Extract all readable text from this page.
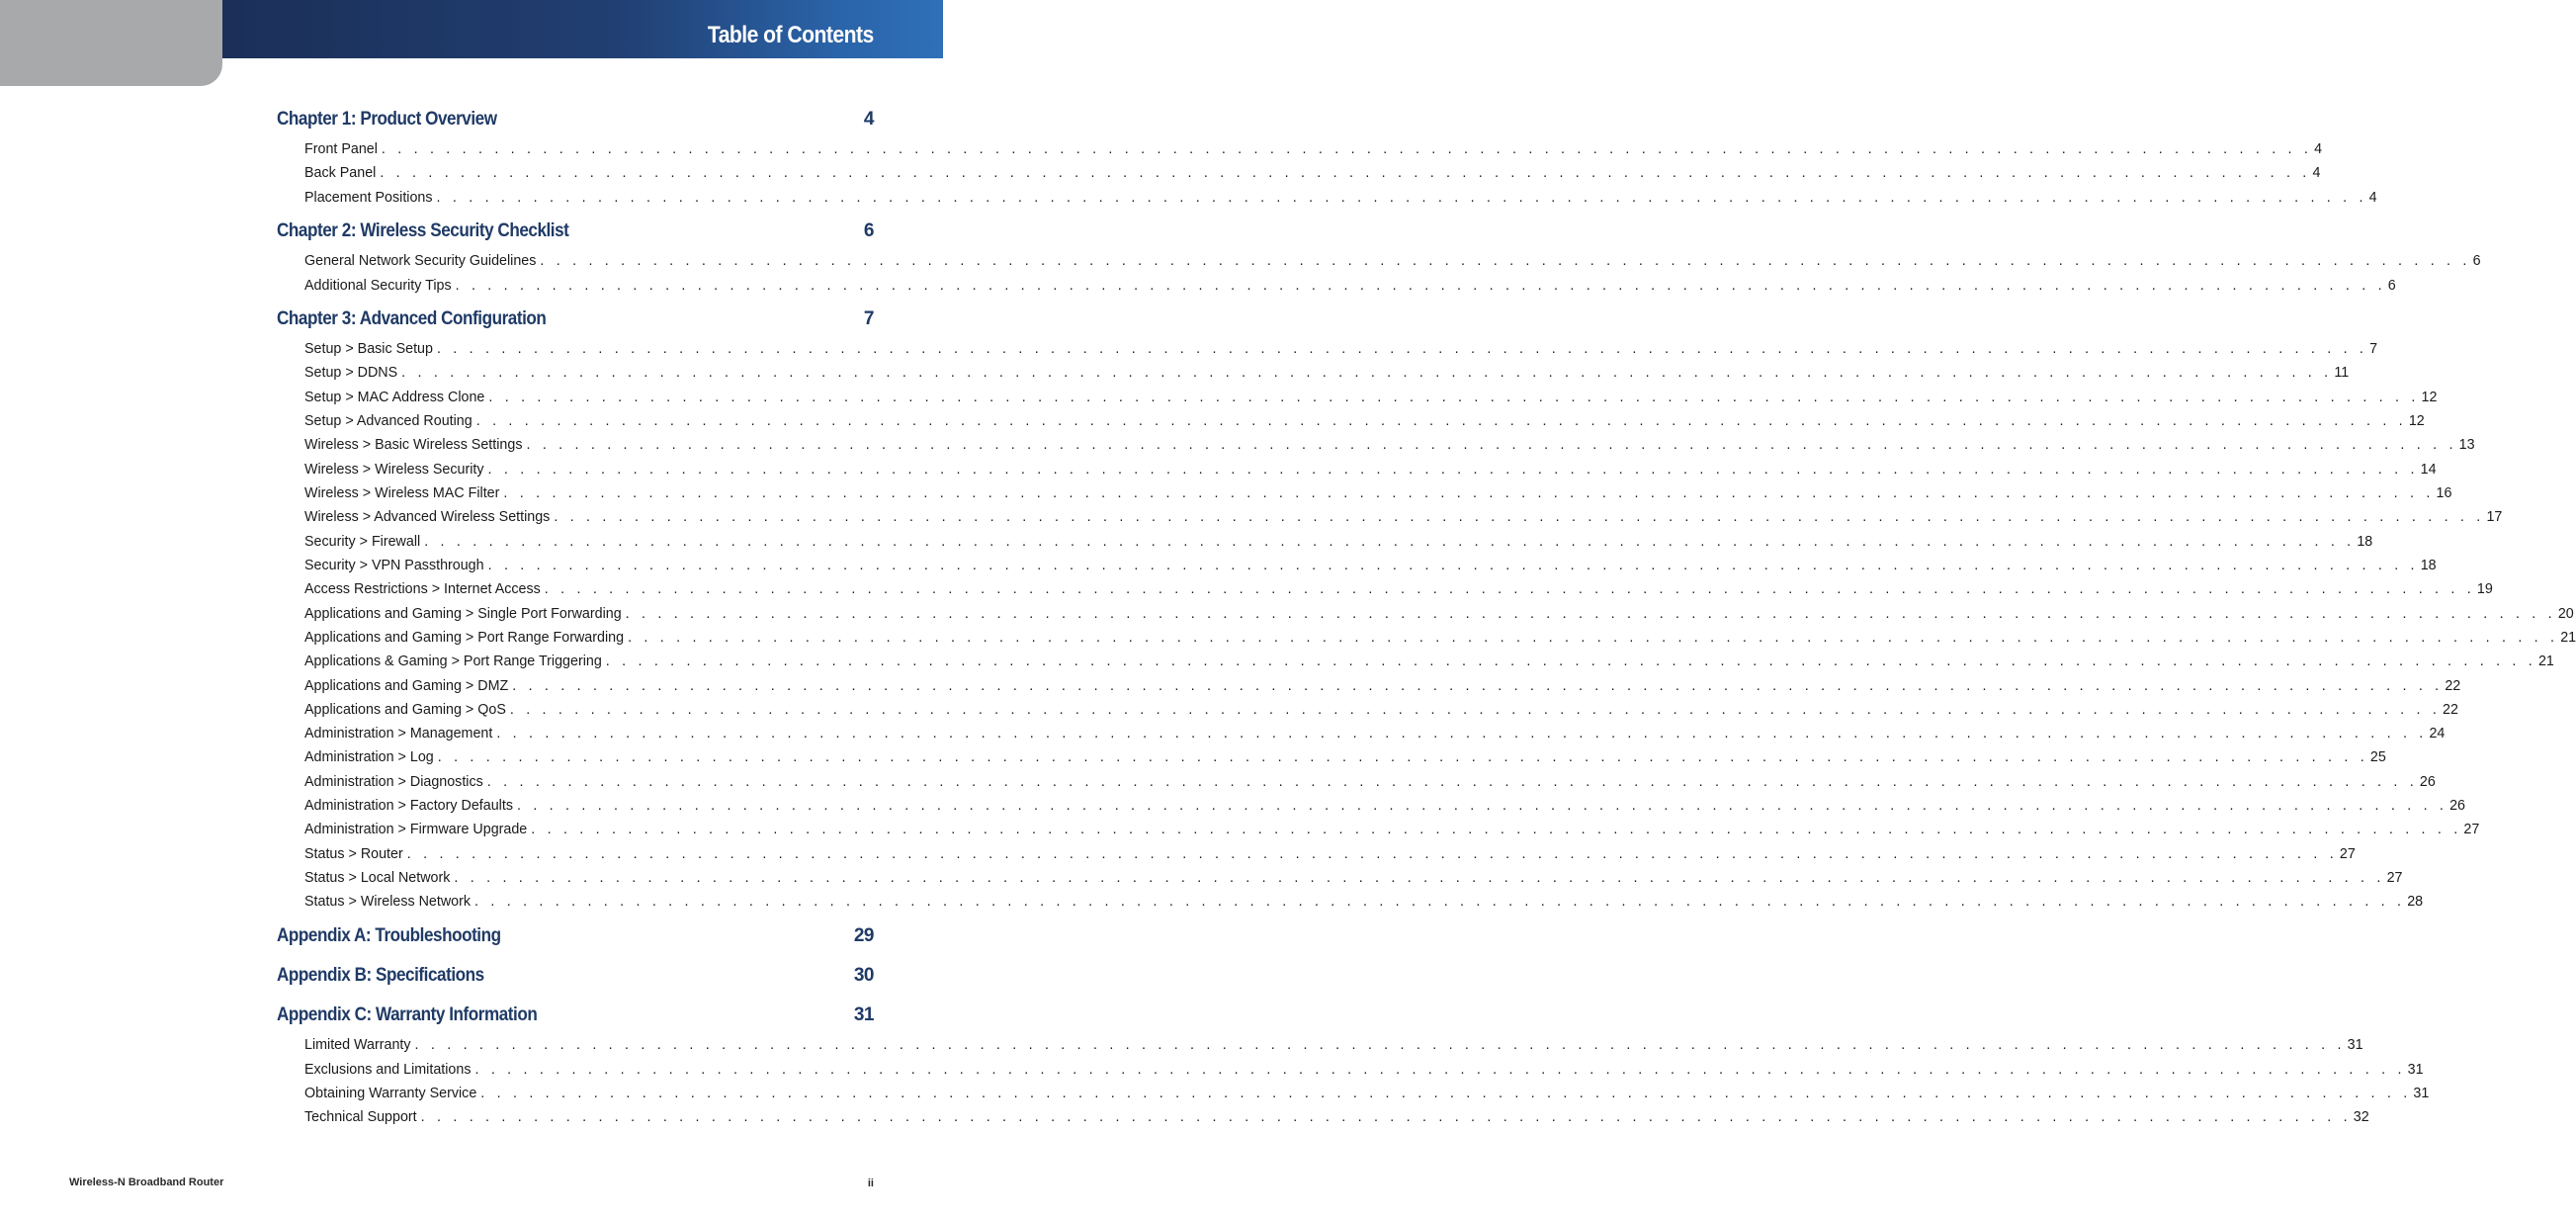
Table of Contents
Chapter 1: Product Overview	4
Front Panel . . . . . . . . . . . . . . . . . . . . . . . . . . . . . . . . . . . . . . . . . . . . . . . . . . . . . . . . . . . . . . . . . . . . . . . . . . . . . . . . . . . . . . . . . . . . . . . . . . . . . . . . . . . . . . . . . . . . . . . . 4
Back Panel . . . . . . . . . . . . . . . . . . . . . . . . . . . . . . . . . . . . . . . . . . . . . . . . . . . . . . . . . . . . . . . . . . . . . . . . . . . . . . . . . . . . . . . . . . . . . . . . . . . . . . . . . . . . . . . . . . . . . . . . 4
Placement Positions . . . . . . . . . . . . . . . . . . . . . . . . . . . . . . . . . . . . . . . . . . . . . . . . . . . . . . . . . . . . . . . . . . . . . . . . . . . . . . . . . . . . . . . . . . . . . . . . . . . . . . . . . . . . . . . . . . . . . . . . 4
Chapter 2: Wireless Security Checklist	6
General Network Security Guidelines . . . . . . . . . . . . . . . . . . . . . . . . . . . . . . . . . . . . . . . . . . . . . . . . . . . . . . . . . . . . . . . . . . . . . . . . . . . . . . . . . . . . . . . . . . . . . . . . . . . . . . . . . . . . . . . . . . . . . . . . 6
Additional Security Tips . . . . . . . . . . . . . . . . . . . . . . . . . . . . . . . . . . . . . . . . . . . . . . . . . . . . . . . . . . . . . . . . . . . . . . . . . . . . . . . . . . . . . . . . . . . . . . . . . . . . . . . . . . . . . . . . . . . . . . . . 6
Chapter 3: Advanced Configuration	7
Setup > Basic Setup . . . . . . . . . . . . . . . . . . . . . . . . . . . . . . . . . . . . . . . . . . . . . . . . . . . . . . . . . . . . . . . . . . . . . . . . . . . . . . . . . . . . . . . . . . . . . . . . . . . . . . . . . . . . . . . . . . . . . . . . 7
Setup > DDNS . . . . . . . . . . . . . . . . . . . . . . . . . . . . . . . . . . . . . . . . . . . . . . . . . . . . . . . . . . . . . . . . . . . . . . . . . . . . . . . . . . . . . . . . . . . . . . . . . . . . . . . . . . . . . . . . . . . . . . . . 11
Setup > MAC Address Clone . . . . . . . . . . . . . . . . . . . . . . . . . . . . . . . . . . . . . . . . . . . . . . . . . . . . . . . . . . . . . . . . . . . . . . . . . . . . . . . . . . . . . . . . . . . . . . . . . . . . . . . . . . . . . . . . . . . . . . . . 12
Setup > Advanced Routing . . . . . . . . . . . . . . . . . . . . . . . . . . . . . . . . . . . . . . . . . . . . . . . . . . . . . . . . . . . . . . . . . . . . . . . . . . . . . . . . . . . . . . . . . . . . . . . . . . . . . . . . . . . . . . . . . . . . . . . . 12
Wireless > Basic Wireless Settings . . . . . . . . . . . . . . . . . . . . . . . . . . . . . . . . . . . . . . . . . . . . . . . . . . . . . . . . . . . . . . . . . . . . . . . . . . . . . . . . . . . . . . . . . . . . . . . . . . . . . . . . . . . . . . . . . . . . . . . . 13
Wireless > Wireless Security . . . . . . . . . . . . . . . . . . . . . . . . . . . . . . . . . . . . . . . . . . . . . . . . . . . . . . . . . . . . . . . . . . . . . . . . . . . . . . . . . . . . . . . . . . . . . . . . . . . . . . . . . . . . . . . . . . . . . . . . 14
Wireless > Wireless MAC Filter . . . . . . . . . . . . . . . . . . . . . . . . . . . . . . . . . . . . . . . . . . . . . . . . . . . . . . . . . . . . . . . . . . . . . . . . . . . . . . . . . . . . . . . . . . . . . . . . . . . . . . . . . . . . . . . . . . . . . . . . 16
Wireless > Advanced Wireless Settings . . . . . . . . . . . . . . . . . . . . . . . . . . . . . . . . . . . . . . . . . . . . . . . . . . . . . . . . . . . . . . . . . . . . . . . . . . . . . . . . . . . . . . . . . . . . . . . . . . . . . . . . . . . . . . . . . . . . . . . . 17
Security > Firewall . . . . . . . . . . . . . . . . . . . . . . . . . . . . . . . . . . . . . . . . . . . . . . . . . . . . . . . . . . . . . . . . . . . . . . . . . . . . . . . . . . . . . . . . . . . . . . . . . . . . . . . . . . . . . . . . . . . . . . . . 18
Security > VPN Passthrough . . . . . . . . . . . . . . . . . . . . . . . . . . . . . . . . . . . . . . . . . . . . . . . . . . . . . . . . . . . . . . . . . . . . . . . . . . . . . . . . . . . . . . . . . . . . . . . . . . . . . . . . . . . . . . . . . . . . . . . . 18
Access Restrictions > Internet Access . . . . . . . . . . . . . . . . . . . . . . . . . . . . . . . . . . . . . . . . . . . . . . . . . . . . . . . . . . . . . . . . . . . . . . . . . . . . . . . . . . . . . . . . . . . . . . . . . . . . . . . . . . . . . . . . . . . . . . . . 19
Applications and Gaming > Single Port Forwarding . . . . . . . . . . . . . . . . . . . . . . . . . . . . . . . . . . . . . . . . . . . . . . . . . . . . . . . . . . . . . . . . . . . . . . . . . . . . . . . . . . . . . . . . . . . . . . . . . . . . . . . . . . . . . . . . . . . . . . . . 20
Applications and Gaming > Port Range Forwarding . . . . . . . . . . . . . . . . . . . . . . . . . . . . . . . . . . . . . . . . . . . . . . . . . . . . . . . . . . . . . . . . . . . . . . . . . . . . . . . . . . . . . . . . . . . . . . . . . . . . . . . . . . . . . . . . . . . . . . . . 21
Applications & Gaming > Port Range Triggering . . . . . . . . . . . . . . . . . . . . . . . . . . . . . . . . . . . . . . . . . . . . . . . . . . . . . . . . . . . . . . . . . . . . . . . . . . . . . . . . . . . . . . . . . . . . . . . . . . . . . . . . . . . . . . . . . . . . . . . . 21
Applications and Gaming > DMZ . . . . . . . . . . . . . . . . . . . . . . . . . . . . . . . . . . . . . . . . . . . . . . . . . . . . . . . . . . . . . . . . . . . . . . . . . . . . . . . . . . . . . . . . . . . . . . . . . . . . . . . . . . . . . . . . . . . . . . . . 22
Applications and Gaming > QoS . . . . . . . . . . . . . . . . . . . . . . . . . . . . . . . . . . . . . . . . . . . . . . . . . . . . . . . . . . . . . . . . . . . . . . . . . . . . . . . . . . . . . . . . . . . . . . . . . . . . . . . . . . . . . . . . . . . . . . . . 22
Administration > Management . . . . . . . . . . . . . . . . . . . . . . . . . . . . . . . . . . . . . . . . . . . . . . . . . . . . . . . . . . . . . . . . . . . . . . . . . . . . . . . . . . . . . . . . . . . . . . . . . . . . . . . . . . . . . . . . . . . . . . . . 24
Administration > Log . . . . . . . . . . . . . . . . . . . . . . . . . . . . . . . . . . . . . . . . . . . . . . . . . . . . . . . . . . . . . . . . . . . . . . . . . . . . . . . . . . . . . . . . . . . . . . . . . . . . . . . . . . . . . . . . . . . . . . . . 25
Administration > Diagnostics . . . . . . . . . . . . . . . . . . . . . . . . . . . . . . . . . . . . . . . . . . . . . . . . . . . . . . . . . . . . . . . . . . . . . . . . . . . . . . . . . . . . . . . . . . . . . . . . . . . . . . . . . . . . . . . . . . . . . . . . 26
Administration > Factory Defaults . . . . . . . . . . . . . . . . . . . . . . . . . . . . . . . . . . . . . . . . . . . . . . . . . . . . . . . . . . . . . . . . . . . . . . . . . . . . . . . . . . . . . . . . . . . . . . . . . . . . . . . . . . . . . . . . . . . . . . . . 26
Administration > Firmware Upgrade . . . . . . . . . . . . . . . . . . . . . . . . . . . . . . . . . . . . . . . . . . . . . . . . . . . . . . . . . . . . . . . . . . . . . . . . . . . . . . . . . . . . . . . . . . . . . . . . . . . . . . . . . . . . . . . . . . . . . . . . 27
Status > Router . . . . . . . . . . . . . . . . . . . . . . . . . . . . . . . . . . . . . . . . . . . . . . . . . . . . . . . . . . . . . . . . . . . . . . . . . . . . . . . . . . . . . . . . . . . . . . . . . . . . . . . . . . . . . . . . . . . . . . . . 27
Status > Local Network . . . . . . . . . . . . . . . . . . . . . . . . . . . . . . . . . . . . . . . . . . . . . . . . . . . . . . . . . . . . . . . . . . . . . . . . . . . . . . . . . . . . . . . . . . . . . . . . . . . . . . . . . . . . . . . . . . . . . . . . 27
Status > Wireless Network . . . . . . . . . . . . . . . . . . . . . . . . . . . . . . . . . . . . . . . . . . . . . . . . . . . . . . . . . . . . . . . . . . . . . . . . . . . . . . . . . . . . . . . . . . . . . . . . . . . . . . . . . . . . . . . . . . . . . . . . 28
Appendix A: Troubleshooting	29
Appendix B: Specifications	30
Appendix C: Warranty Information	31
Limited Warranty . . . . . . . . . . . . . . . . . . . . . . . . . . . . . . . . . . . . . . . . . . . . . . . . . . . . . . . . . . . . . . . . . . . . . . . . . . . . . . . . . . . . . . . . . . . . . . . . . . . . . . . . . . . . . . . . . . . . . . . . 31
Exclusions and Limitations . . . . . . . . . . . . . . . . . . . . . . . . . . . . . . . . . . . . . . . . . . . . . . . . . . . . . . . . . . . . . . . . . . . . . . . . . . . . . . . . . . . . . . . . . . . . . . . . . . . . . . . . . . . . . . . . . . . . . . . . 31
Obtaining Warranty Service . . . . . . . . . . . . . . . . . . . . . . . . . . . . . . . . . . . . . . . . . . . . . . . . . . . . . . . . . . . . . . . . . . . . . . . . . . . . . . . . . . . . . . . . . . . . . . . . . . . . . . . . . . . . . . . . . . . . . . . . 31
Technical Support . . . . . . . . . . . . . . . . . . . . . . . . . . . . . . . . . . . . . . . . . . . . . . . . . . . . . . . . . . . . . . . . . . . . . . . . . . . . . . . . . . . . . . . . . . . . . . . . . . . . . . . . . . . . . . . . . . . . . . . . 32
Wireless-N Broadband Router	ii
